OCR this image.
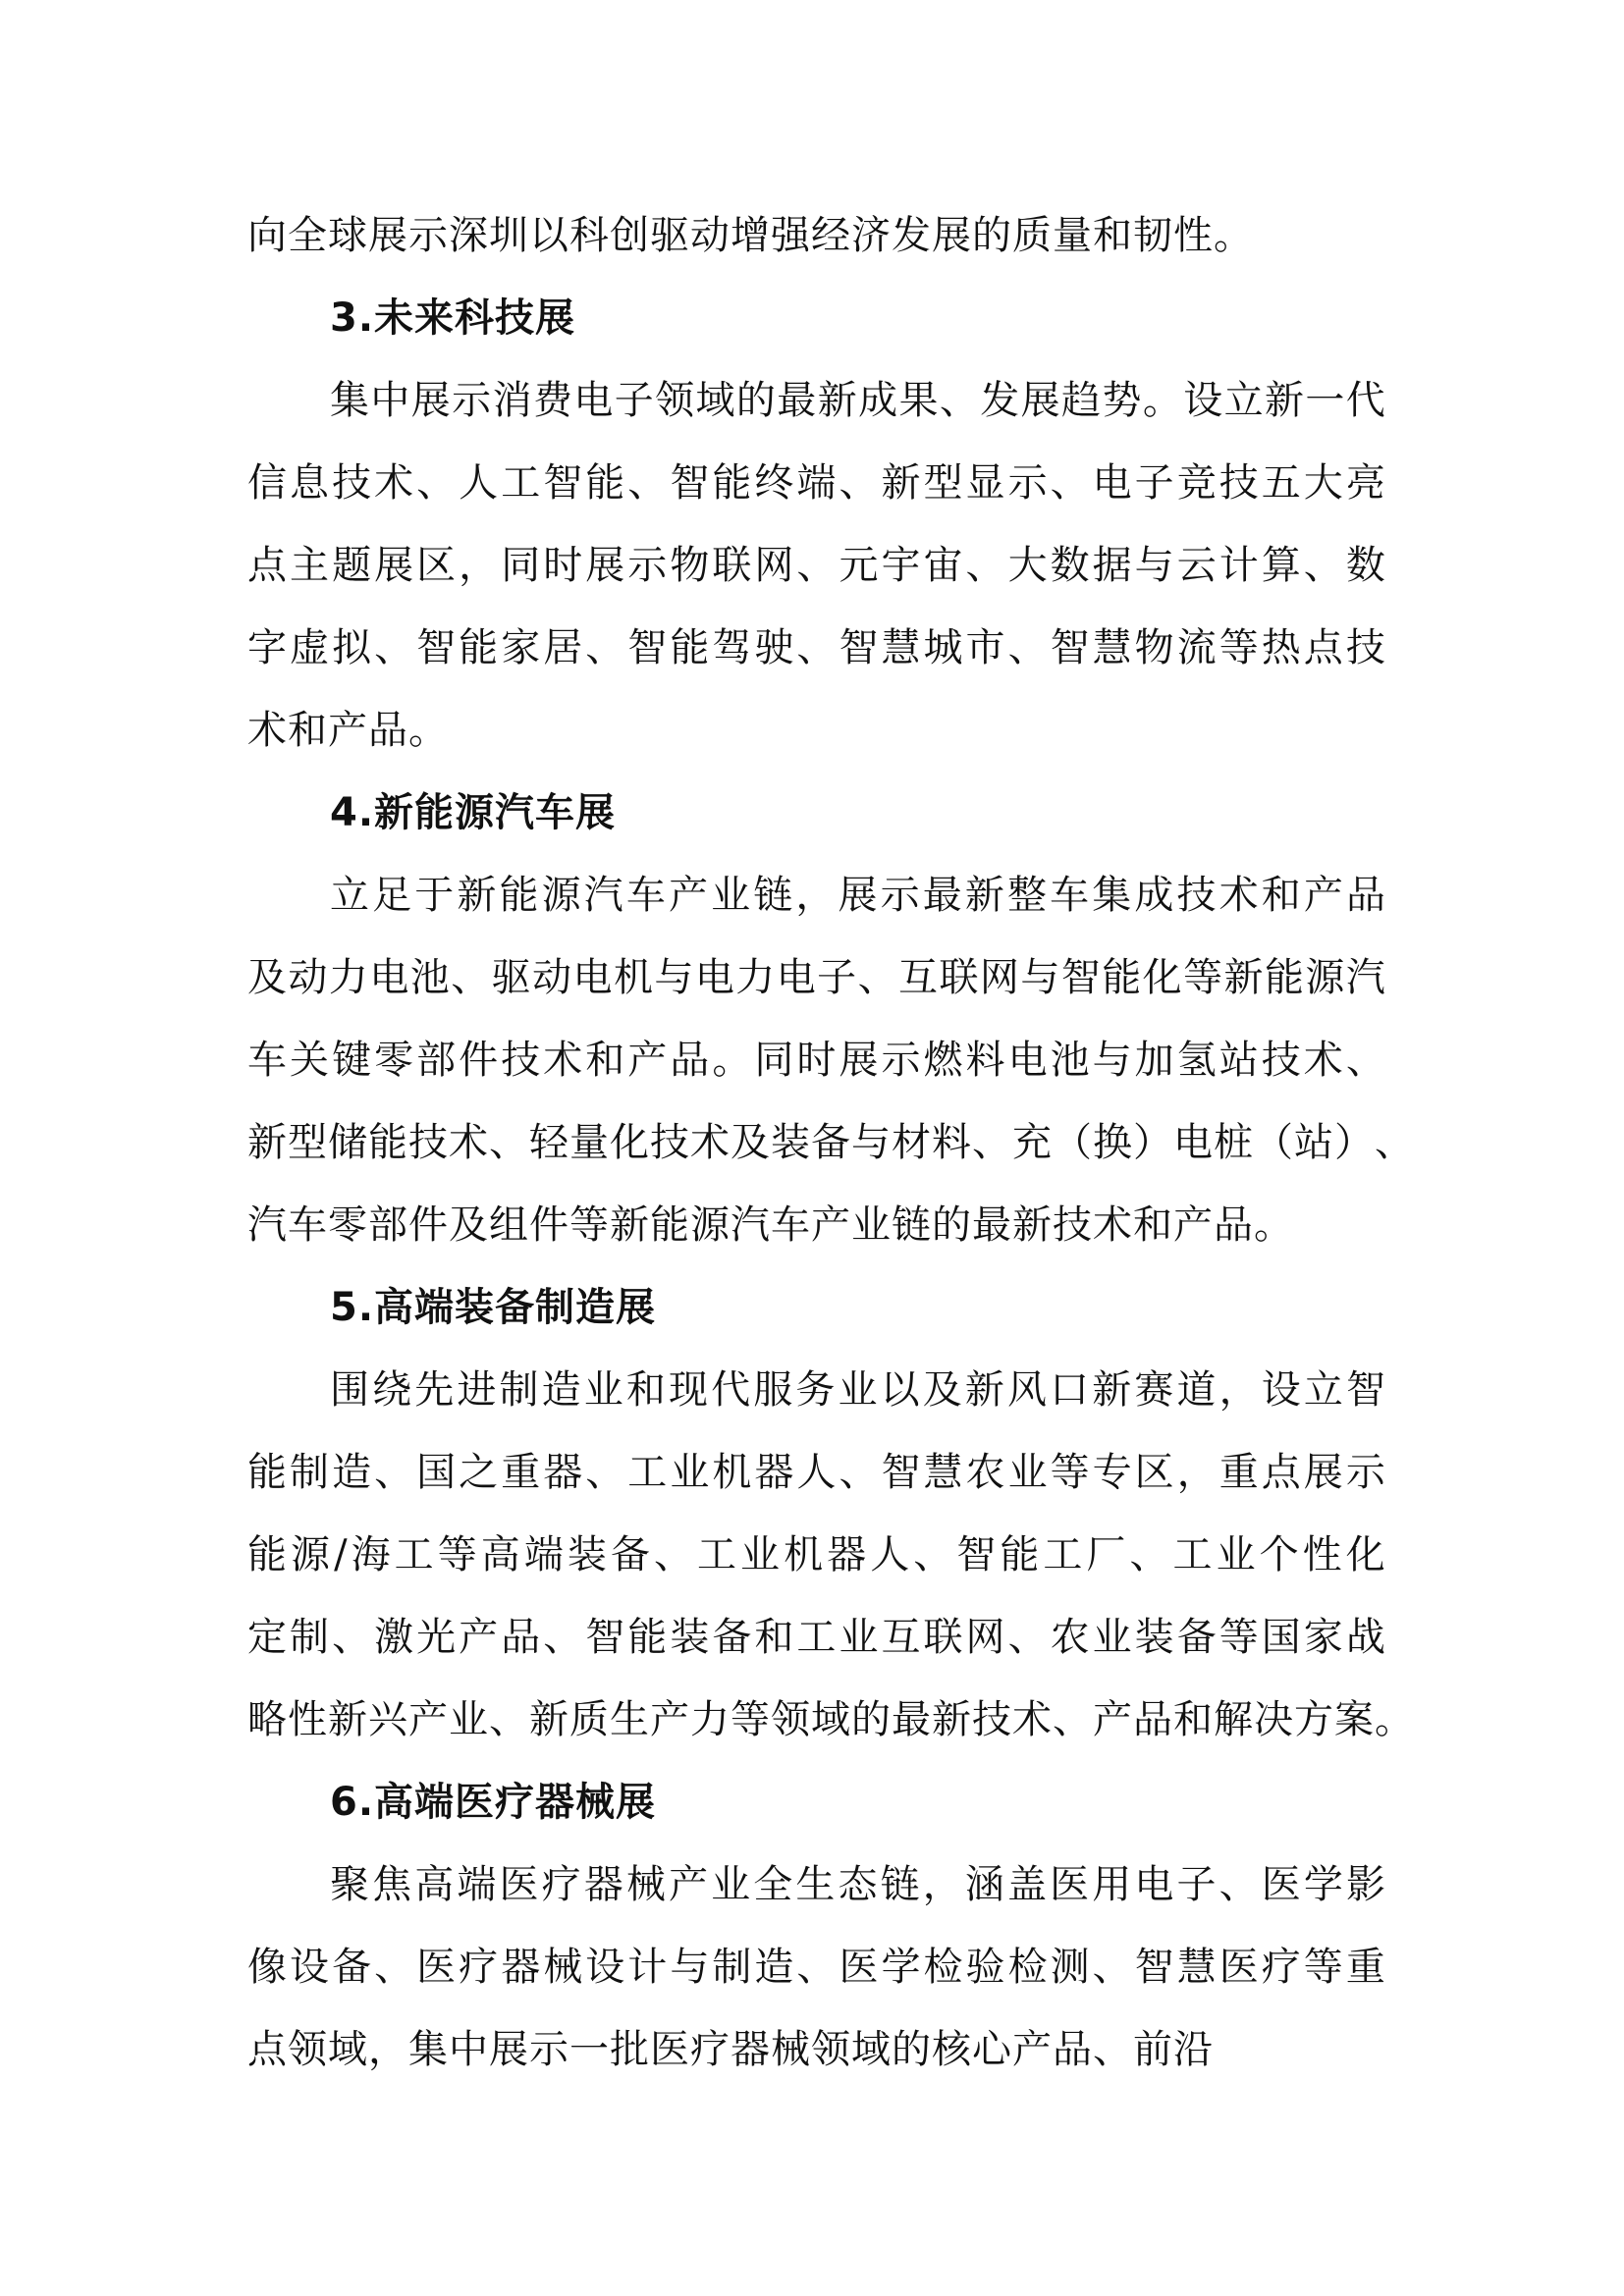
向全球展示深圳以科创驱动增强经济发展的质量和韧性。
3.未来科技展
集 中 展 示 消 费 电 子 领 域 的 最 新 成 果 、 发 展 趋 势 。 设 立 新 一 代
信 息 技 术 、 人 工 智 能 、 智 能 终 端 、 新 型 显 示 、 电 子 竞 技 五 大 亮
点 主 题 展 区 ， 同 时 展 示 物 联 网 、 元 宇 宙 、 大 数 据 与 云 计 算 、 数
字 虚 拟 、 智 能 家 居 、 智 能 驾 驶 、 智 慧 城 市 、 智 慧 物 流 等 热 点 技
术和产品。
4.新能源汽车展
立 足 于 新 能 源 汽 车 产 业 链 ， 展 示 最 新 整 车 集 成 技 术 和 产 品
及 动 力 电 池 、 驱 动 电 机 与 电 力 电 子 、 互 联 网 与 智 能 化 等 新 能 源 汽
车 关 键 零 部 件 技 术 和 产 品 。 同 时 展 示 燃 料 电 池 与 加 氢 站 技 术 、
新 型 储 能 技 术 、 轻 量 化 技 术 及 装 备 与 材 料 、 充 （ 换 ） 电 桩 （ 站 ） 、
汽车零部件及组件等新能源汽车产业链的最新技术和产品。
5.高端装备制造展
围 绕 先 进 制 造 业 和 现 代 服 务 业 以 及 新 风 口 新 赛 道 ， 设 立 智
能 制 造 、 国 之 重 器 、 工 业 机 器 人 、 智 慧 农 业 等 专 区 ， 重 点 展 示
能 源 / 海 工 等 高 端 装 备 、 工 业 机 器 人 、 智 能 工 厂 、 工 业 个 性 化
定 制 、 激 光 产 品 、 智 能 装 备 和 工 业 互 联 网 、 农 业 装 备 等 国 家 战
略 性 新 兴 产 业 、 新 质 生 产 力 等 领 域 的 最 新 技 术 、 产 品 和 解 决 方 案 。
6.高端医疗器械展
聚 焦 高 端 医 疗 器 械 产 业 全 生 态 链 ， 涵 盖 医 用 电 子 、 医 学 影
像 设 备 、 医 疗 器 械 设 计 与 制 造 、 医 学 检 验 检 测 、 智 慧 医 疗 等 重
点领域，集中展示一批医疗器械领域的核心产品、前沿
